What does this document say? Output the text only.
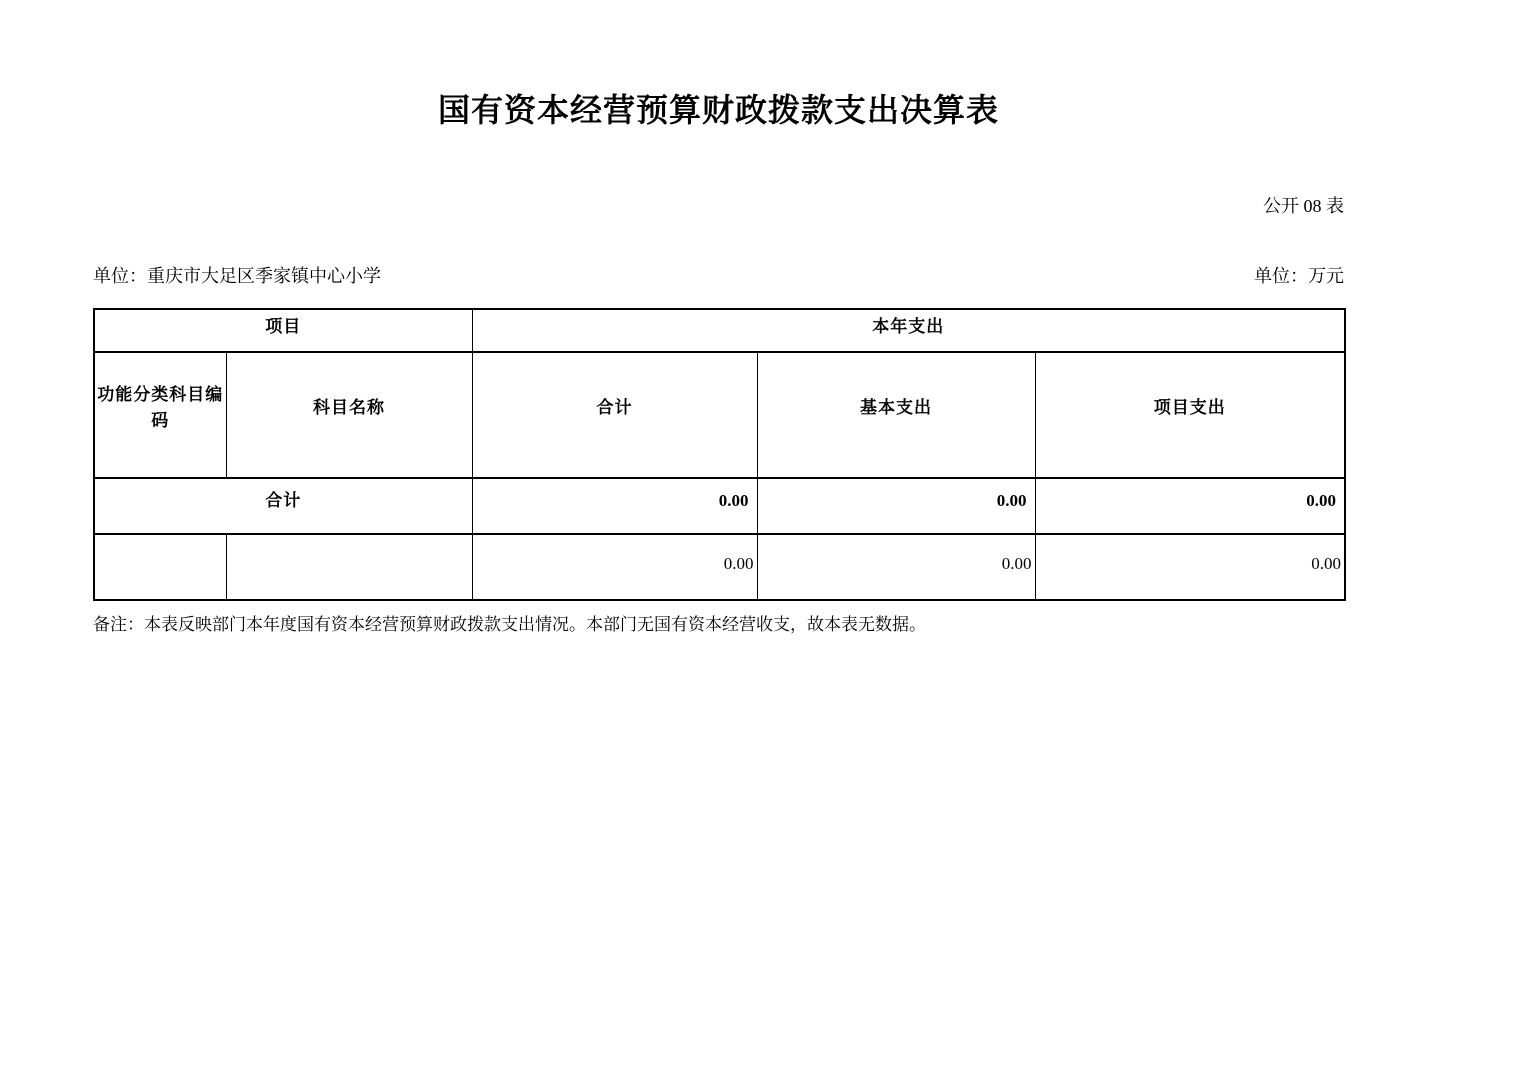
国有资本经营预算财政拨款支出决算表
公开 08 表
单位：重庆市大足区季家镇中心小学	单位：万元
项目		本年支出		
功能分类科目编码	科目名称	合计	基本支出	项目支出
合计		0.00	0.00	0.00
		0.00	0.00	0.00
备注：本表反映部门本年度国有资本经营预算财政拨款支出情况。本部门无国有资本经营收支，故本表无数据。
